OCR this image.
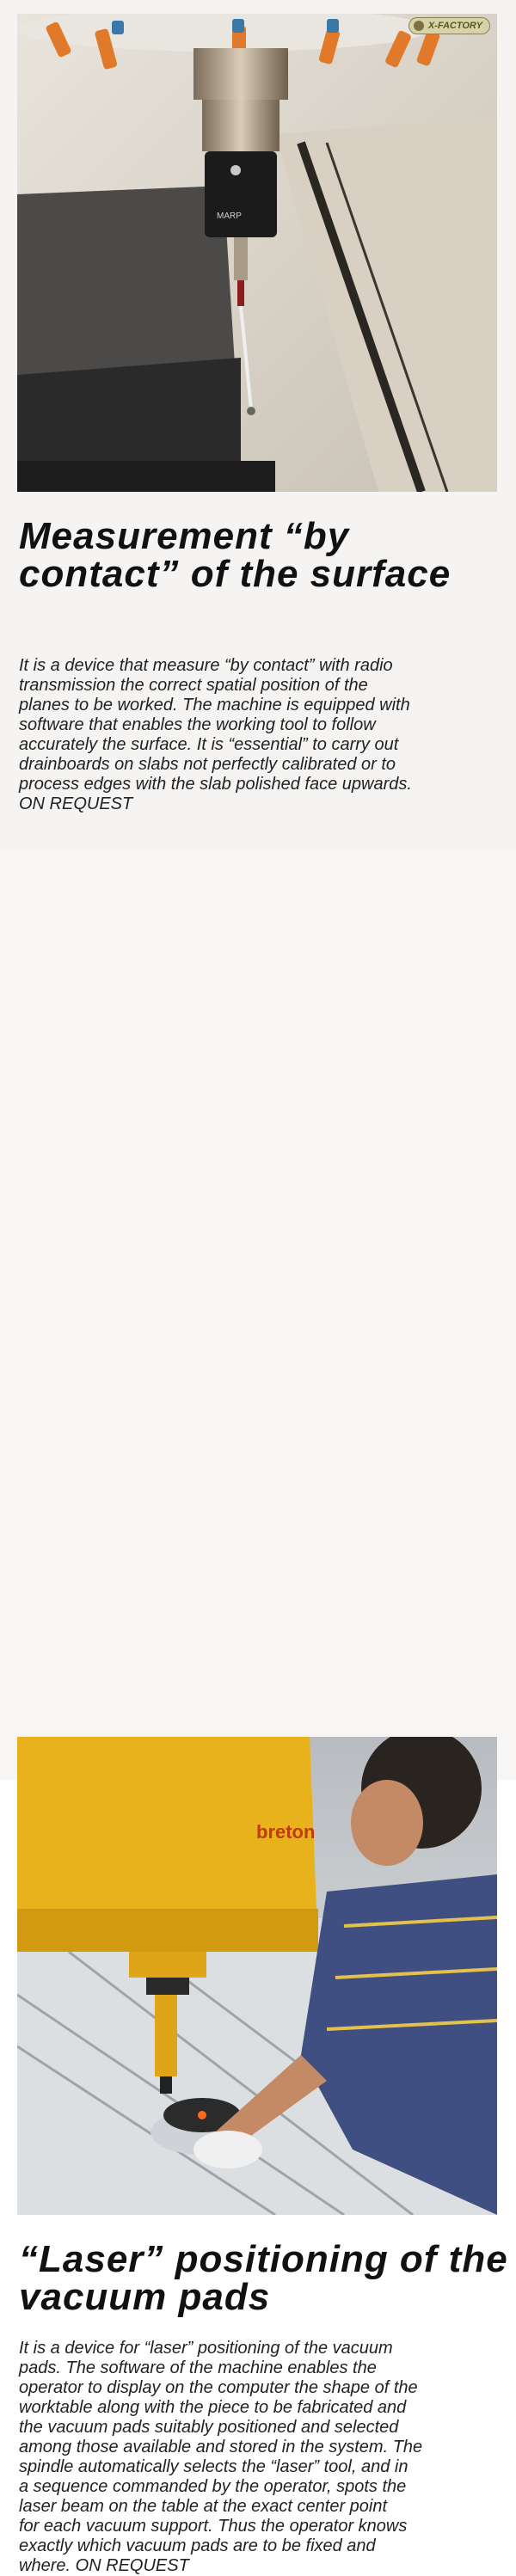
MARP
X-FACTORY
Measurement “by contact” of the surface

It is a device that measure “by contact” with radio
transmission the correct spatial position of the
planes to be worked. The machine is equipped with
software that enables the working tool to follow
accurately the surface. It is “essential” to carry out
drainboards on slabs not perfectly calibrated or to
process edges with the slab polished face upwards.
ON REQUEST

breton
“Laser” positioning of the vacuum pads

It is a device for “laser” positioning of the vacuum
pads. The software of the machine enables the
operator to display on the computer the shape of the
worktable along with the piece to be fabricated and
the vacuum pads suitably positioned and selected
among those available and stored in the system. The
spindle automatically selects the “laser” tool, and in
a sequence commanded by the operator, spots the
laser beam on the table at the exact center point
for each vacuum support. Thus the operator knows
exactly which vacuum pads are to be fixed and
where. ON REQUEST
